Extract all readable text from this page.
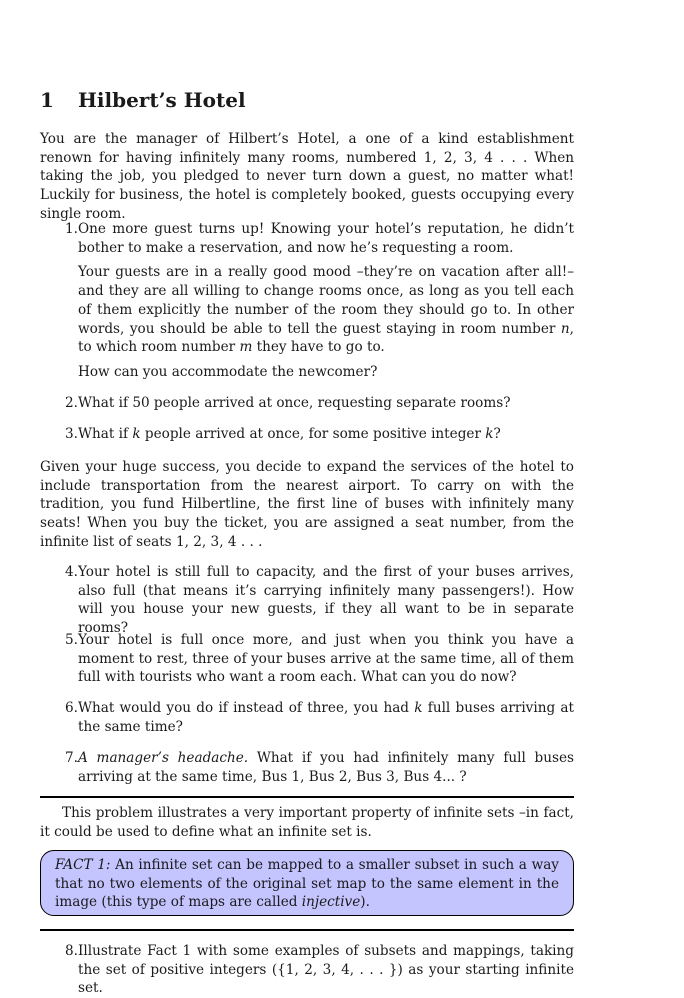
1 Hilbert’s Hotel
You are the manager of Hilbert’s Hotel, a one of a kind establishment renown for having infinitely many rooms, numbered 1, 2, 3, 4 . . . When taking the job, you pledged to never turn down a guest, no matter what! Luckily for business, the hotel is completely booked, guests occupying every single room.
1. One more guest turns up! Knowing your hotel’s reputation, he didn’t bother to make a reservation, and now he’s requesting a room.

Your guests are in a really good mood –they’re on vacation after all!– and they are all willing to change rooms once, as long as you tell each of them explicitly the number of the room they should go to. In other words, you should be able to tell the guest staying in room number n, to which room number m they have to go to.

How can you accommodate the newcomer?

2. What if 50 people arrived at once, requesting separate rooms?
3. What if k people arrived at once, for some positive integer k?
Given your huge success, you decide to expand the services of the hotel to include transportation from the nearest airport. To carry on with the tradition, you fund Hilbertline, the first line of buses with infinitely many seats! When you buy the ticket, you are assigned a seat number, from the infinite list of seats 1, 2, 3, 4 . . .
4. Your hotel is still full to capacity, and the first of your buses arrives, also full (that means it’s carrying infinitely many passengers!). How will you house your new guests, if they all want to be in separate rooms?
5. Your hotel is full once more, and just when you think you have a moment to rest, three of your buses arrive at the same time, all of them full with tourists who want a room each. What can you do now?
6. What would you do if instead of three, you had k full buses arriving at the same time?
7. A manager’s headache. What if you had infinitely many full buses arriving at the same time, Bus 1, Bus 2, Bus 3, Bus 4... ?
This problem illustrates a very important property of infinite sets –in fact, it could be used to define what an infinite set is.
FACT 1: An infinite set can be mapped to a smaller subset in such a way that no two elements of the original set map to the same element in the image (this type of maps are called injective).
8. Illustrate Fact 1 with some examples of subsets and mappings, taking the set of positive integers ({1, 2, 3, 4, . . . }) as your starting infinite set.
